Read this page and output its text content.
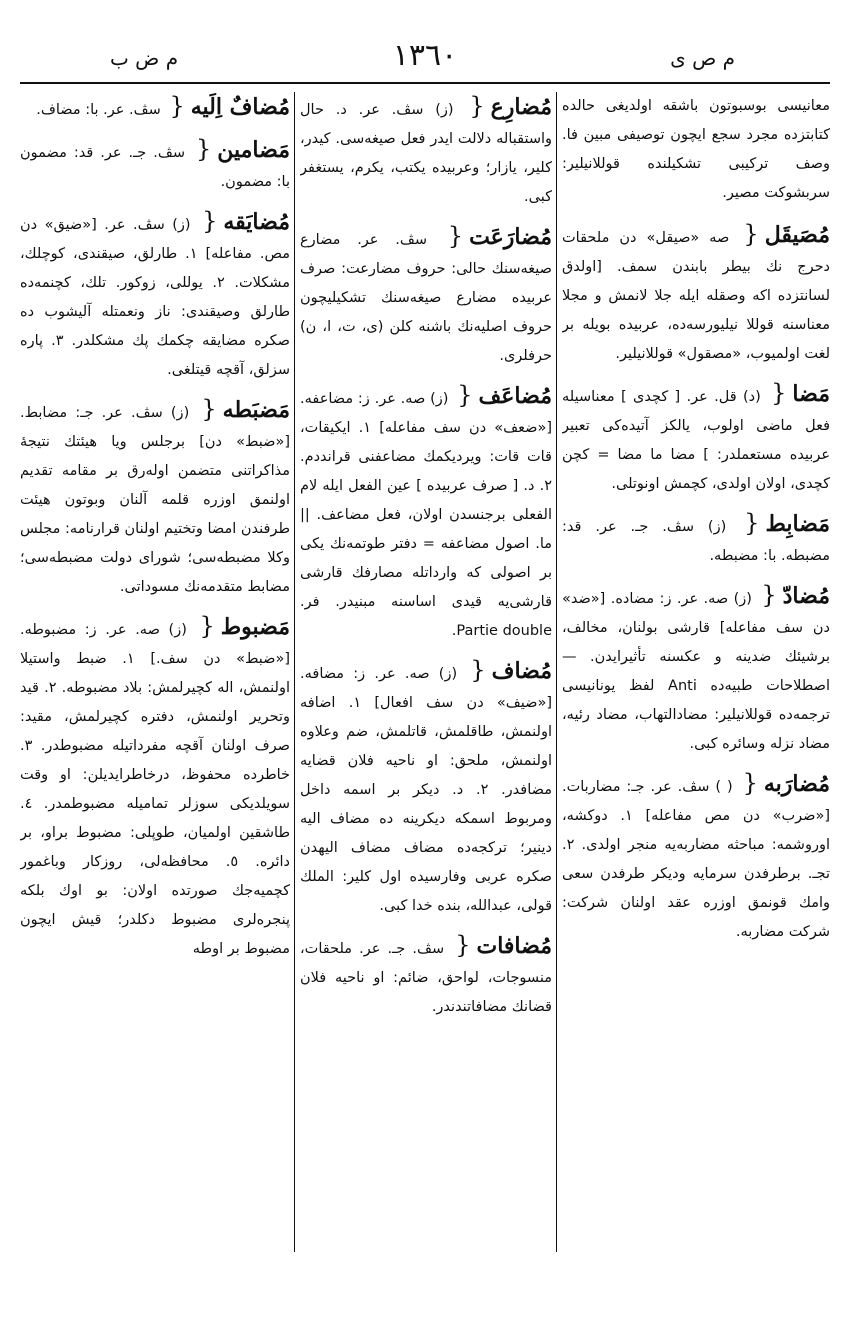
م ض ب	١٣٦٠	م ص ی
معانیسی بوسبوتون باشقه اولدیغی حالده کتابتزده مجرد سجع ایچون توصیفی مبین فا. وصف ترکیبی تشکیلنده قوللانیلیر: سربشوکت مصیر.
مُصَیقَل{ صه «صیقل» دن ملحقات دحرج نك بیطر بابندن سمف. [اولدق لسانتزده اکه وصقله ایله جلا لانمش و مجلا معناسنه قوللا نیلیورسه‌ده، عربیده بویله بر لغت اولمیوب، «مصقول» قوللانیلیر.
مَضا{ (د) قل. عر. [ کچدی ] معناسیله فعل ماضی اولوب، یالکز آتیده‌کی تعبیر عربیده مستعملدر: ] مضا ما مضا = کچن کچدی، اولان اولدی، کچمش اونوتلی.
مَضابِط{ (ز) سڤ. جـ. عر. قد: مضبطه. با: مضبطه.
مُضادّ{ (ز) صه. عر. ز: مضاده. [«ضد» دن سف مفاعله] قارشی بولنان، مخالف، برشیئك ضدینه و عکسنه تأثیرایدن. — اصطلاحات طبیه‌ده Anti لفظ یونانیسی ترجمه‌ده قوللانیلیر: مضادالتهاب، مضاد رئیه، مضاد نزله وسائره کبی.
مُضارَبه{ ( ) سڤ. عر. جـ: مضاربات. [«ضرب» دن مص مفاعله] ١. دوکشه، اوروشمه: مباحثه مضاربه‌یه منجر اولدی. ٢. تجـ. برطرفدن سرمایه ودیکر طرفدن سعی وامك قونمق اوزره عقد اولنان شرکت: شرکت مضاربه.
مُضارِع{ (ز) سڤ. عر. د. حال واستقباله دلالت ایدر فعل صیغه‌سی. کیدر، کلیر، یازار؛ وعربیده یکتب، یکرم، یستغفر کبی.
مُضارَعَت{ سڤ. عر. مضارع صیغه‌سنك حالی: حروف مضارعت: صرف عربیده مضارع صیغه‌سنك تشکیلیچون حروف اصلیه‌نك باشنه کلن (ی، ت، ا، ن) حرفلری.
مُضاعَف{ (ز) صه. عر. ز: مضاعفه. [«ضعف» دن سف مفاعله] ١. ایکیقات، قات قات: ویردیکمك مضاعفنی قرانددم. ٢. د. [ صرف عربیده ] عین الفعل ایله لام الفعلی برجنسدن اولان، فعل مضاعف. || ما. اصول مضاعفه = دفتر طوتمه‌نك یکی بر اصولی که وارداتله مصارفك قارشی قارشی‌یه قیدی اساسنه مبنیدر. فر. Partie double.
مُضاف{ (ز) صه. عر. ز: مضافه. [«ضیف» دن سف افعال] ١. اضافه اولنمش، طاقلمش، قاتلمش، ضم وعلاوه اولنمش، ملحق: او ناحیه فلان قضایه مضافدر. ٢. د. دیکر بر اسمه داخل ومربوط اسمکه دیکرینه ده مضاف الیه دینیر؛ ترکجه‌ده مضاف مضاف الیهدن صکره عربی وفارسیده اول کلیر: الملك قولی، عبدالله، بنده خدا کبی.
مُضافات{ سڤ. جـ. عر. ملحقات، منسوجات، لواحق، ضائم: او ناحیه فلان قضانك مضافاتندندر.
مُضافٌ اِلَیه{ سڤ. عر. با: مضاف.
مَضامین{ سڤ. جـ. عر. قد: مضمون با: مضمون.
مُضایَقه{ (ز) سڤ. عر. [«ضیق» دن مص. مفاعله] ١. طارلق، صیقندی، کوچلك، مشکلات. ٢. یوللی، زوکور. تلك، کچنمه‌ده طارلق وصیقندی: ناز ونعمتله آلیشوب ده صکره مضایقه چکمك پك مشکلدر. ٣. پاره سزلق، آقچه قیتلغی.
مَضبَطه{ (ز) سڤ. عر. جـ: مضابط. [«ضبط» دن] برجلس ویا هیئتك نتیجهٔ مذاکراتنی متضمن اولەرق بر مقامه تقدیم اولنمق اوزره قلمه آلنان وبوتون هیئت طرفندن امضا وتختیم اولنان قرارنامه: مجلس وکلا مضبطه‌سی؛ شورای دولت مضبطه‌سی؛ مضابط متقدمه‌نك مسوداتی.
مَضبوط{ (ز) صه. عر. ز: مضبوطه. [«ضبط» دن سف.] ١. ضبط واستیلا اولنمش، اله کچیرلمش: بلاد مضبوطه. ٢. قید وتحریر اولنمش، دفتره کچیرلمش، مقید: صرف اولنان آقچه مفرداتیله مضبوطدر. ٣. خاطرده محفوظ، درخاطرایدیلن: او وقت سویلدیکی سوزلر تمامیله مضبوطمدر. ٤. طاشقین اولمیان، طوپلی: مضبوط براو، بر دائره. ٥. محافظه‌لی، روزکار وباغمور کچمیه‌جك صورتده اولان: بو اوك بلکه پنجره‌لری مضبوط دکلدر؛ قیش ایچون مضبوط بر اوطه
